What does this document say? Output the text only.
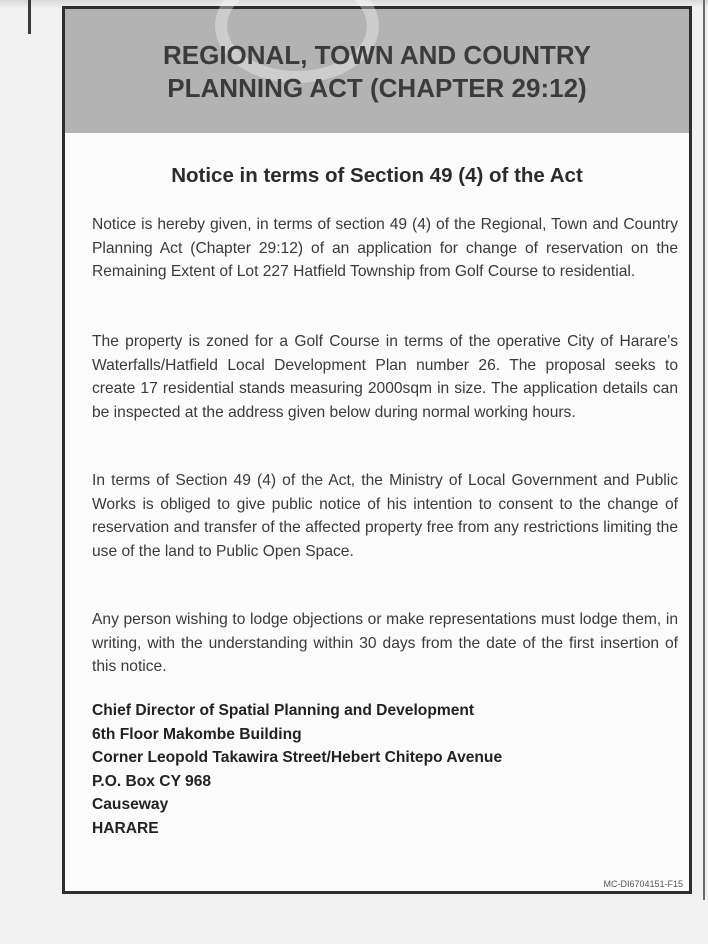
REGIONAL, TOWN AND COUNTRY
PLANNING ACT (CHAPTER 29:12)
Notice in terms of Section 49 (4) of the Act

Notice is hereby given, in terms of section 49 (4) of the Regional, Town and Country Planning Act (Chapter 29:12) of an application for change of reservation on the Remaining Extent of Lot 227 Hatfield Township from Golf Course to residential.

The property is zoned for a Golf Course in terms of the operative City of Harare's Waterfalls/Hatfield Local Development Plan number 26. The proposal seeks to create 17 residential stands measuring 2000sqm in size. The application details can be inspected at the address given below during normal working hours.

In terms of Section 49 (4) of the Act, the Ministry of Local Government and Public Works is obliged to give public notice of his intention to consent to the change of reservation and transfer of the affected property free from any restrictions limiting the use of the land to Public Open Space.

Any person wishing to lodge objections or make representations must lodge them, in writing, with the understanding within 30 days from the date of the first insertion of this notice.

Chief Director of Spatial Planning and Development
6th Floor Makombe Building
Corner Leopold Takawira Street/Hebert Chitepo Avenue
P.O. Box CY 968
Causeway
HARARE
MC-DI6704151-F15
